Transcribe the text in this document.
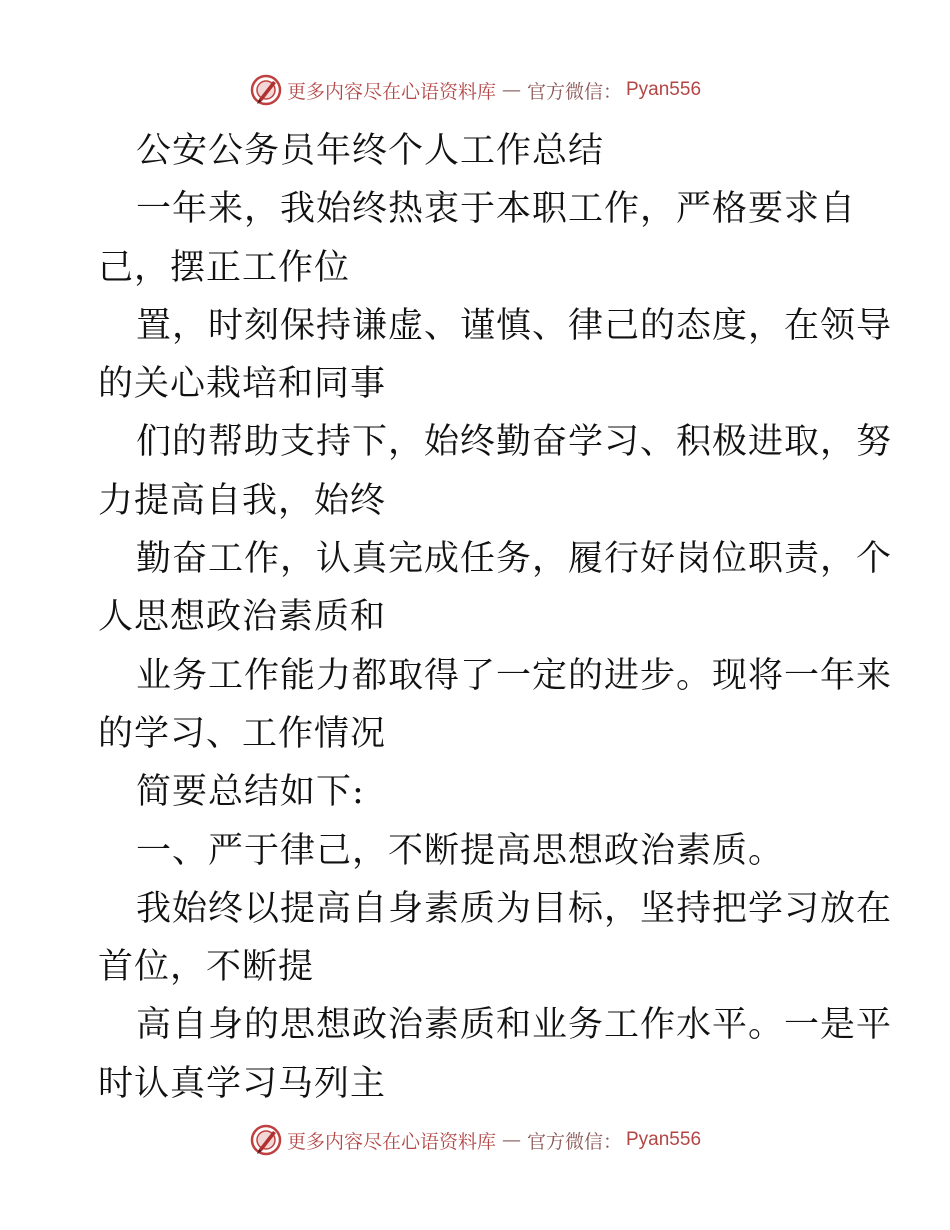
更多内容尽在心语资料库 — 官方微信： Pyan556
公安公务员年终个人工作总结
一年来，我始终热衷于本职工作，严格要求自
己，摆正工作位
置，时刻保持谦虚、谨慎、律己的态度，在领导
的关心栽培和同事
们的帮助支持下，始终勤奋学习、积极进取，努
力提高自我，始终
勤奋工作，认真完成任务，履行好岗位职责，个
人思想政治素质和
业务工作能力都取得了一定的进步。现将一年来
的学习、工作情况
简要总结如下:
一、严于律己，不断提高思想政治素质。
我始终以提高自身素质为目标，坚持把学习放在
首位，不断提
高自身的思想政治素质和业务工作水平。一是平
时认真学习马列主
更多内容尽在心语资料库 — 官方微信： Pyan556
